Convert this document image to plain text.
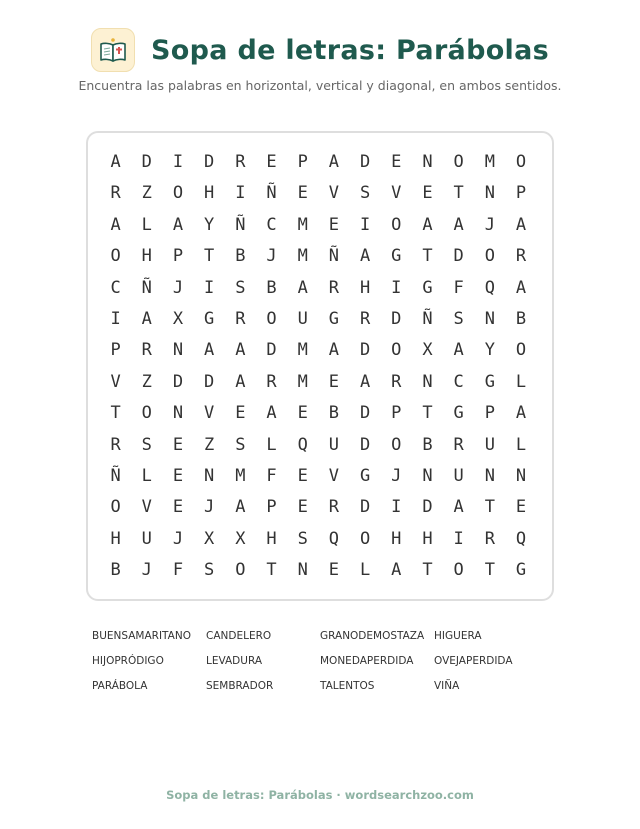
Sopa de letras: Parábolas
Encuentra las palabras en horizontal, vertical y diagonal, en ambos sentidos.
A	D	I	D	R	E	P	A	D	E	N	O	M	O
R	Z	O	H	I	Ñ	E	V	S	V	E	T	N	P
A	L	A	Y	Ñ	C	M	E	I	O	A	A	J	A
O	H	P	T	B	J	M	Ñ	A	G	T	D	O	R
C	Ñ	J	I	S	B	A	R	H	I	G	F	Q	A
I	A	X	G	R	O	U	G	R	D	Ñ	S	N	B
P	R	N	A	A	D	M	A	D	O	X	A	Y	O
V	Z	D	D	A	R	M	E	A	R	N	C	G	L
T	O	N	V	E	A	E	B	D	P	T	G	P	A
R	S	E	Z	S	L	Q	U	D	O	B	R	U	L
Ñ	L	E	N	M	F	E	V	G	J	N	U	N	N
O	V	E	J	A	P	E	R	D	I	D	A	T	E
H	U	J	X	X	H	S	Q	O	H	H	I	R	Q
B	J	F	S	O	T	N	E	L	A	T	O	T	G
BUENSAMARITANO	CANDELERO	GRANODEMOSTAZA HIGUERA
HIJOPRÓDIGO	LEVADURA	MONEDAPERDIDA	OVEJAPERDIDA
PARÁBOLA	SEMBRADOR	TALENTOS	VIÑA
Sopa de letras: Parábolas · wordsearchzoo.com
